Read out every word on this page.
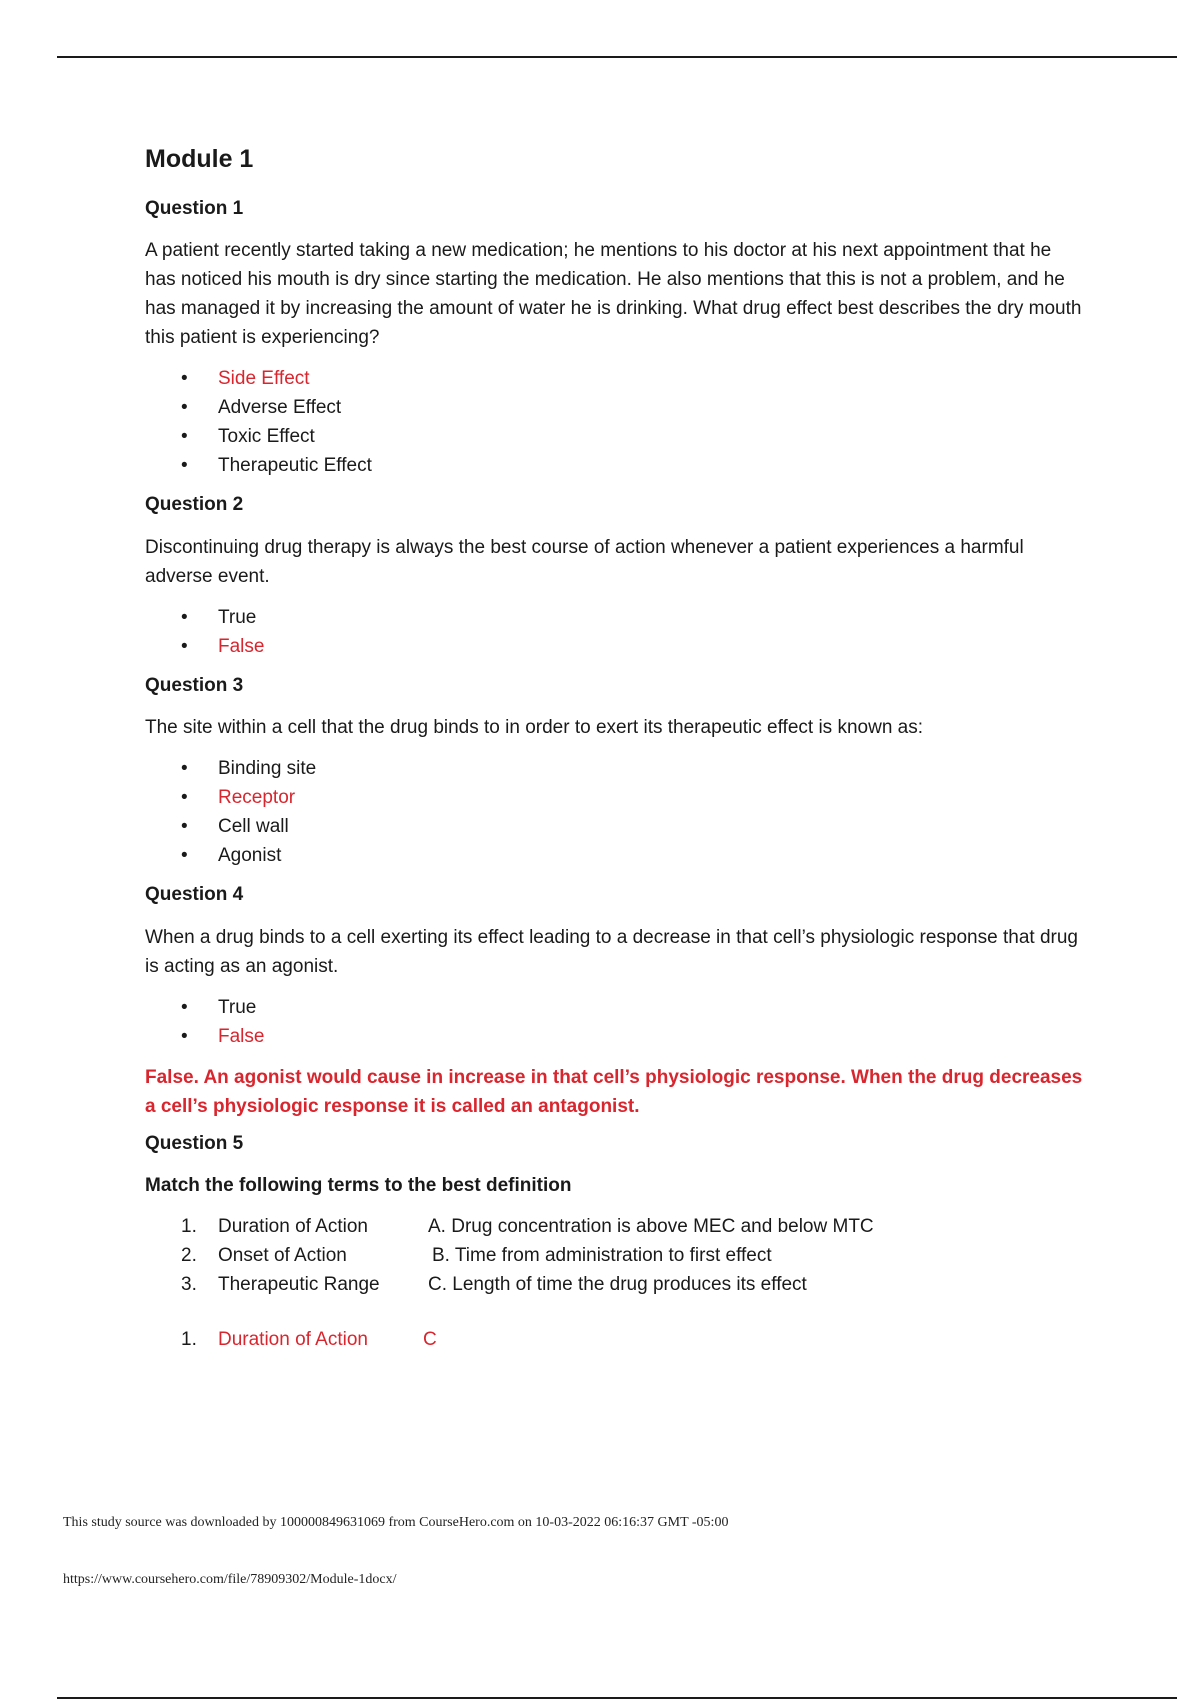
Module 1
Question 1
A patient recently started taking a new medication; he mentions to his doctor at his next appointment that he has noticed his mouth is dry since starting the medication. He also mentions that this is not a problem, and he has managed it by increasing the amount of water he is drinking. What drug effect best describes the dry mouth this patient is experiencing?
• Side Effect
• Adverse Effect
• Toxic Effect
• Therapeutic Effect
Question 2
Discontinuing drug therapy is always the best course of action whenever a patient experiences a harmful adverse event.
• True
• False
Question 3
The site within a cell that the drug binds to in order to exert its therapeutic effect is known as:
• Binding site
• Receptor
• Cell wall
• Agonist
Question 4
When a drug binds to a cell exerting its effect leading to a decrease in that cell’s physiologic response that drug is acting as an agonist.
• True
• False
False. An agonist would cause in increase in that cell’s physiologic response. When the drug decreases a cell’s physiologic response it is called an antagonist.
Question 5
Match the following terms to the best definition
1.	Duration of Action	A. Drug concentration is above MEC and below MTC
2.	Onset of Action	B. Time from administration to first effect
3.	Therapeutic Range	C. Length of time the drug produces its effect
1.	Duration of Action	C
This study source was downloaded by 100000849631069 from CourseHero.com on 10-03-2022 06:16:37 GMT -05:00
https://www.coursehero.com/file/78909302/Module-1docx/
